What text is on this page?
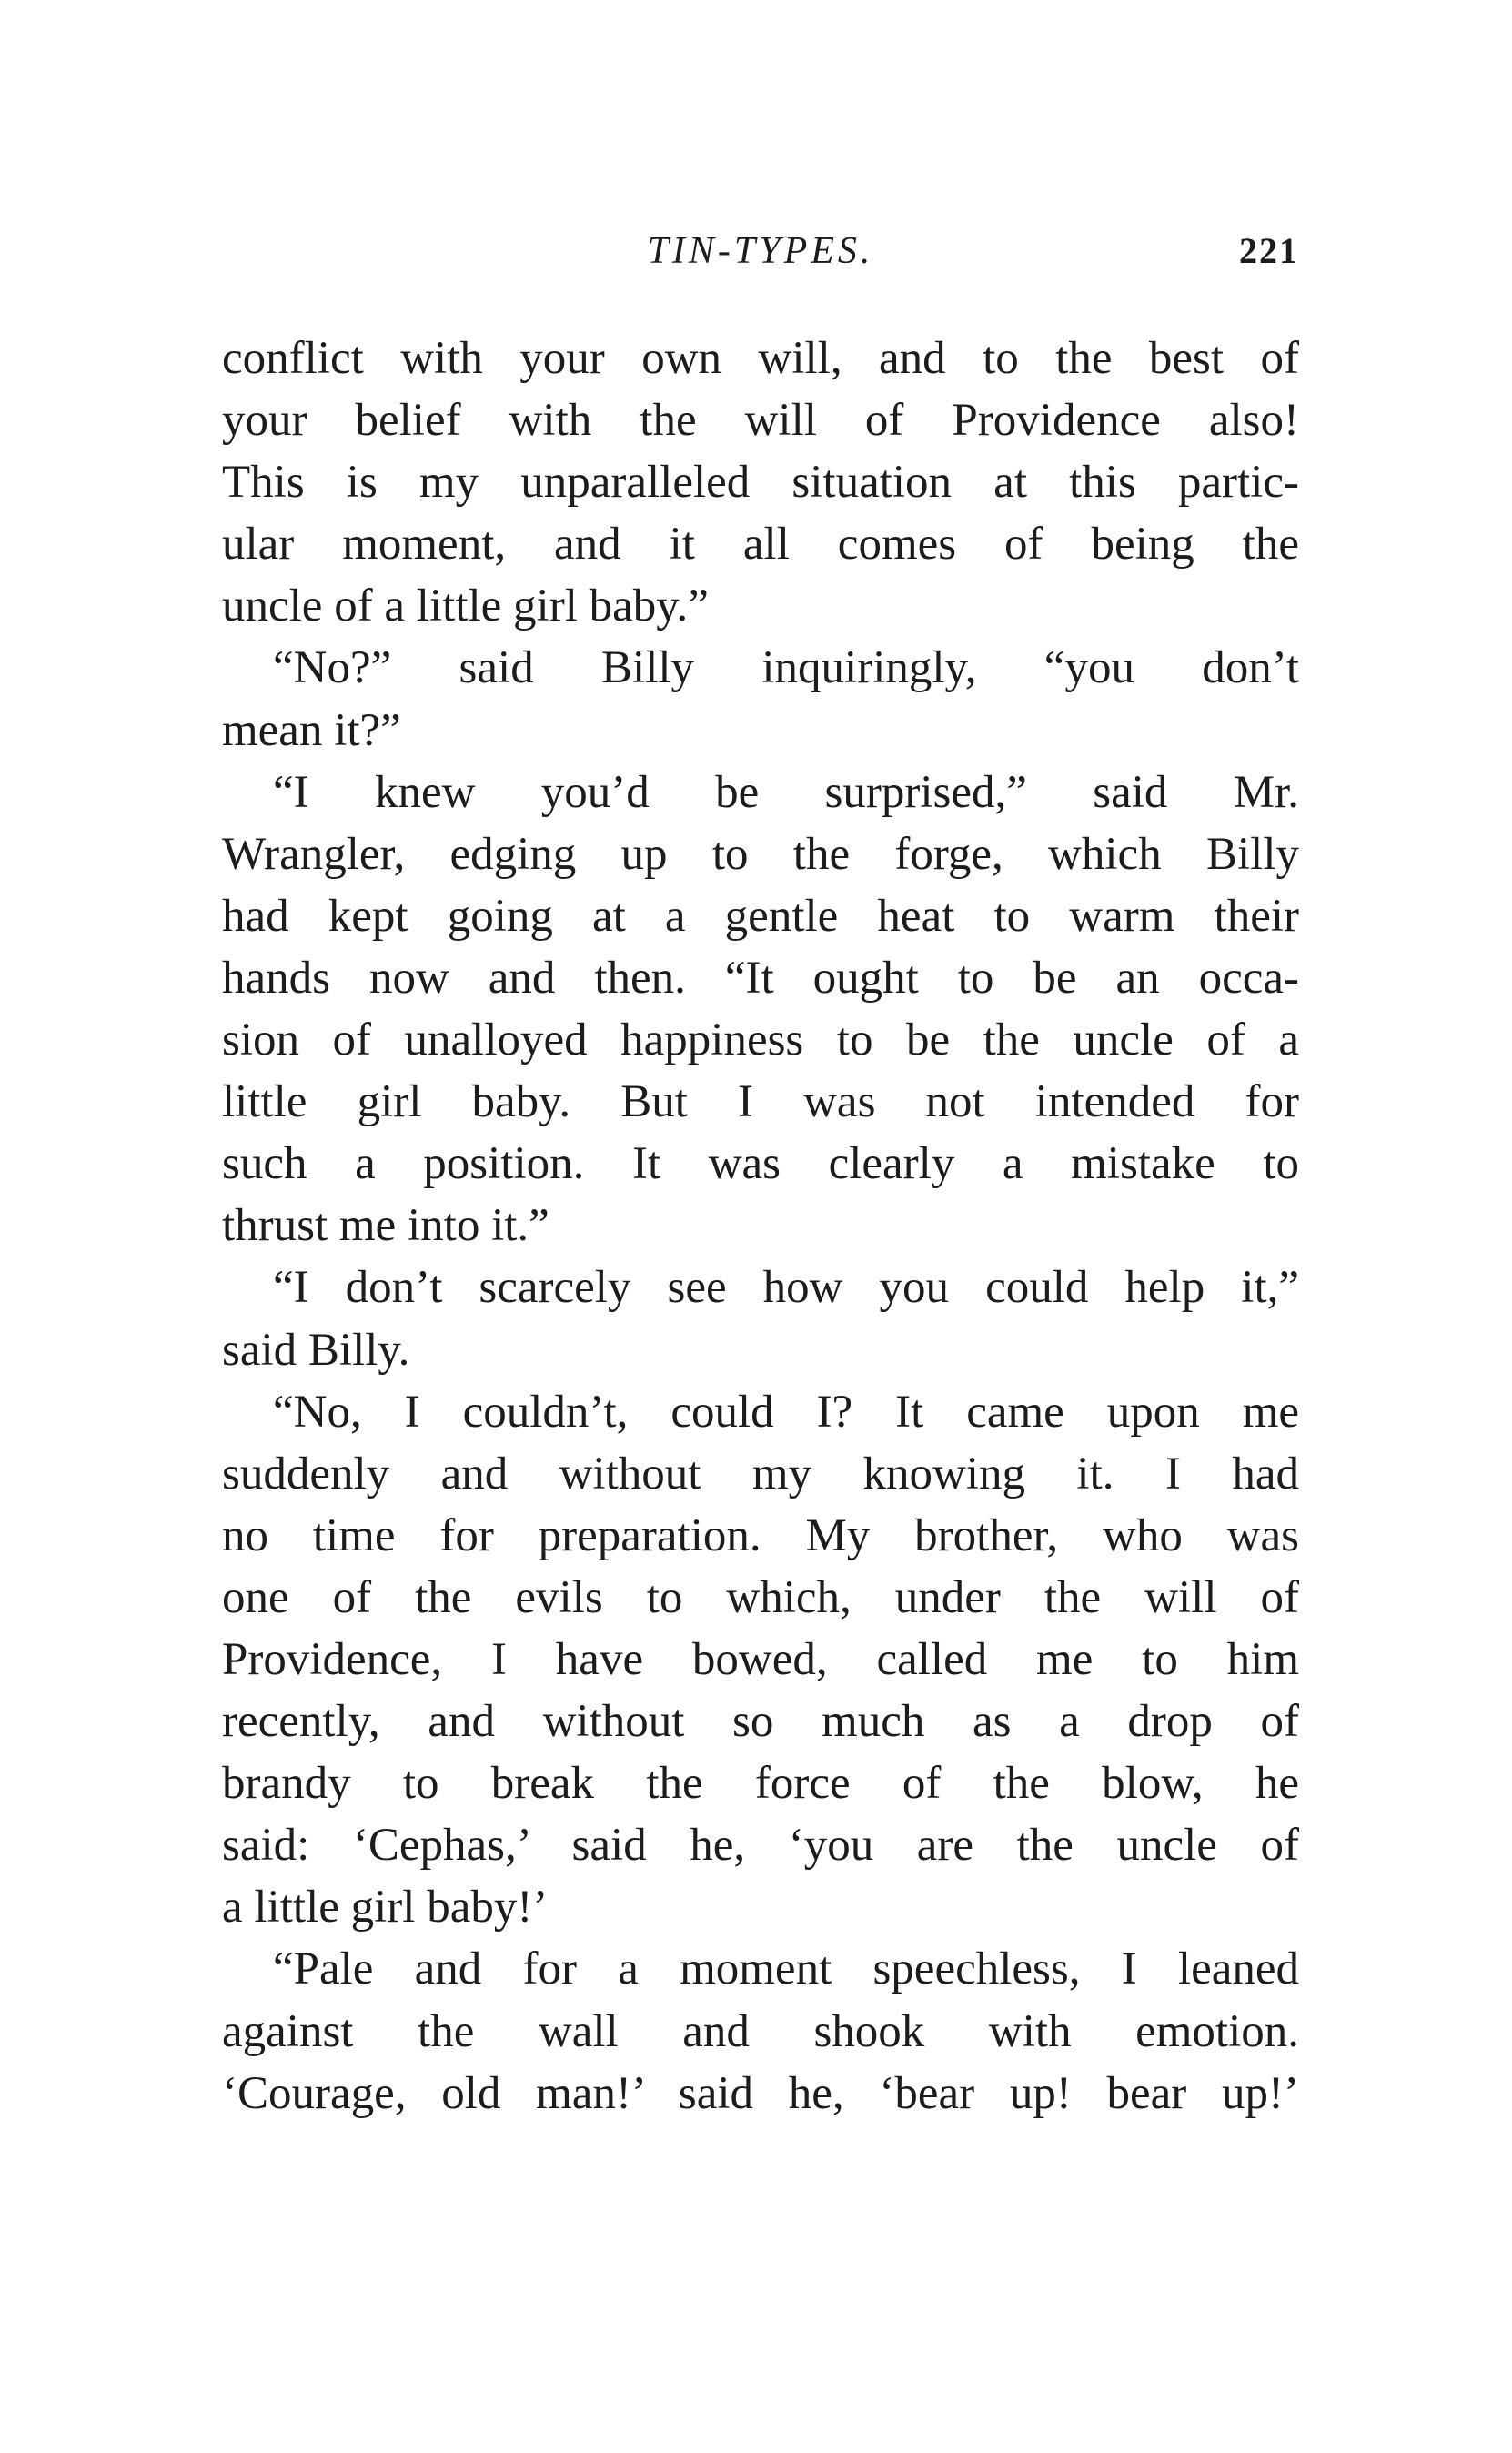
TIN-TYPES.	221
conflict with your own will, and to the best of
your belief with the will of Providence also!
This is my unparalleled situation at this partic-
ular moment, and it all comes of being the
uncle of a little girl baby.”
“No?” said Billy inquiringly, “you don’t
mean it?”
“I knew you’d be surprised,” said Mr.
Wrangler, edging up to the forge, which Billy
had kept going at a gentle heat to warm their
hands now and then. “It ought to be an occa-
sion of unalloyed happiness to be the uncle of a
little girl baby. But I was not intended for
such a position. It was clearly a mistake to
thrust me into it.”
“I don’t scarcely see how you could help it,”
said Billy.
“No, I couldn’t, could I? It came upon me
suddenly and without my knowing it. I had
no time for preparation. My brother, who was
one of the evils to which, under the will of
Providence, I have bowed, called me to him
recently, and without so much as a drop of
brandy to break the force of the blow, he
said: ‘Cephas,’ said he, ‘you are the uncle of
a little girl baby!’
“Pale and for a moment speechless, I leaned
against the wall and shook with emotion.
‘Courage, old man!’ said he, ‘bear up! bear up!’
